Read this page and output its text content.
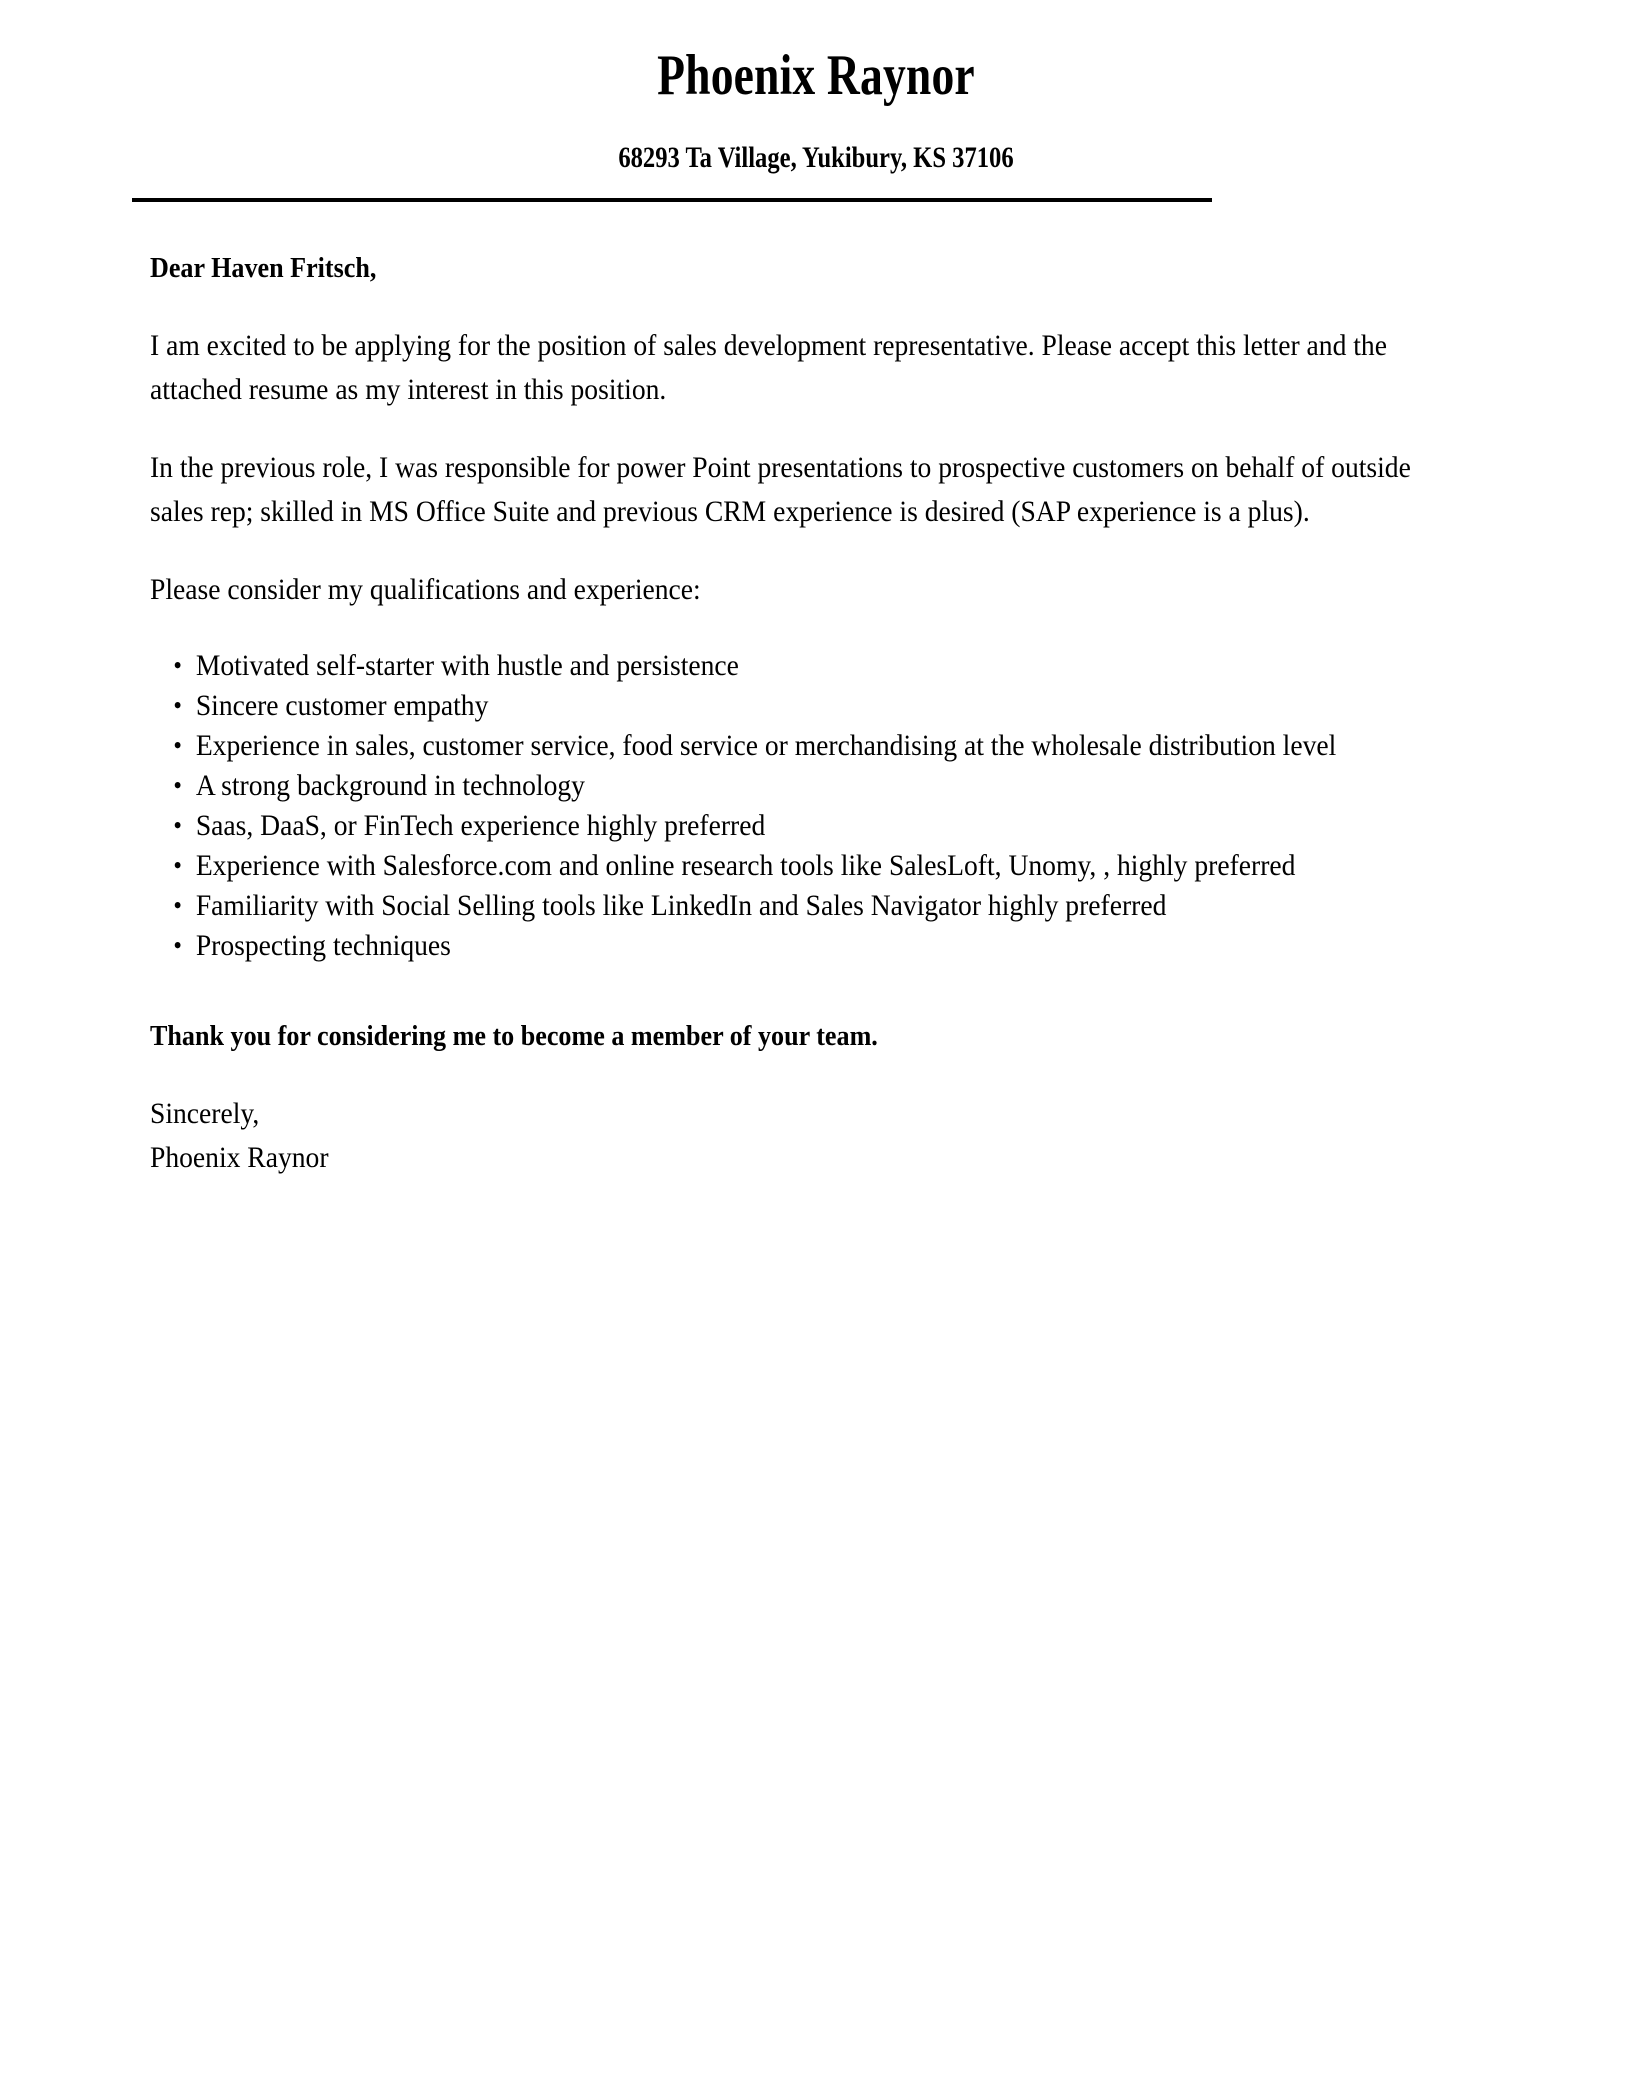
Phoenix Raynor
68293 Ta Village, Yukibury, KS 37106

Dear Haven Fritsch,

I am excited to be applying for the position of sales development representative. Please accept this letter and the attached resume as my interest in this position.

In the previous role, I was responsible for power Point presentations to prospective customers on behalf of outside sales rep; skilled in MS Office Suite and previous CRM experience is desired (SAP experience is a plus).

Please consider my qualifications and experience:

• Motivated self-starter with hustle and persistence
• Sincere customer empathy
• Experience in sales, customer service, food service or merchandising at the wholesale distribution level
• A strong background in technology
• Saas, DaaS, or FinTech experience highly preferred
• Experience with Salesforce.com and online research tools like SalesLoft, Unomy, , highly preferred
• Familiarity with Social Selling tools like LinkedIn and Sales Navigator highly preferred
• Prospecting techniques

Thank you for considering me to become a member of your team.

Sincerely,

Phoenix Raynor
